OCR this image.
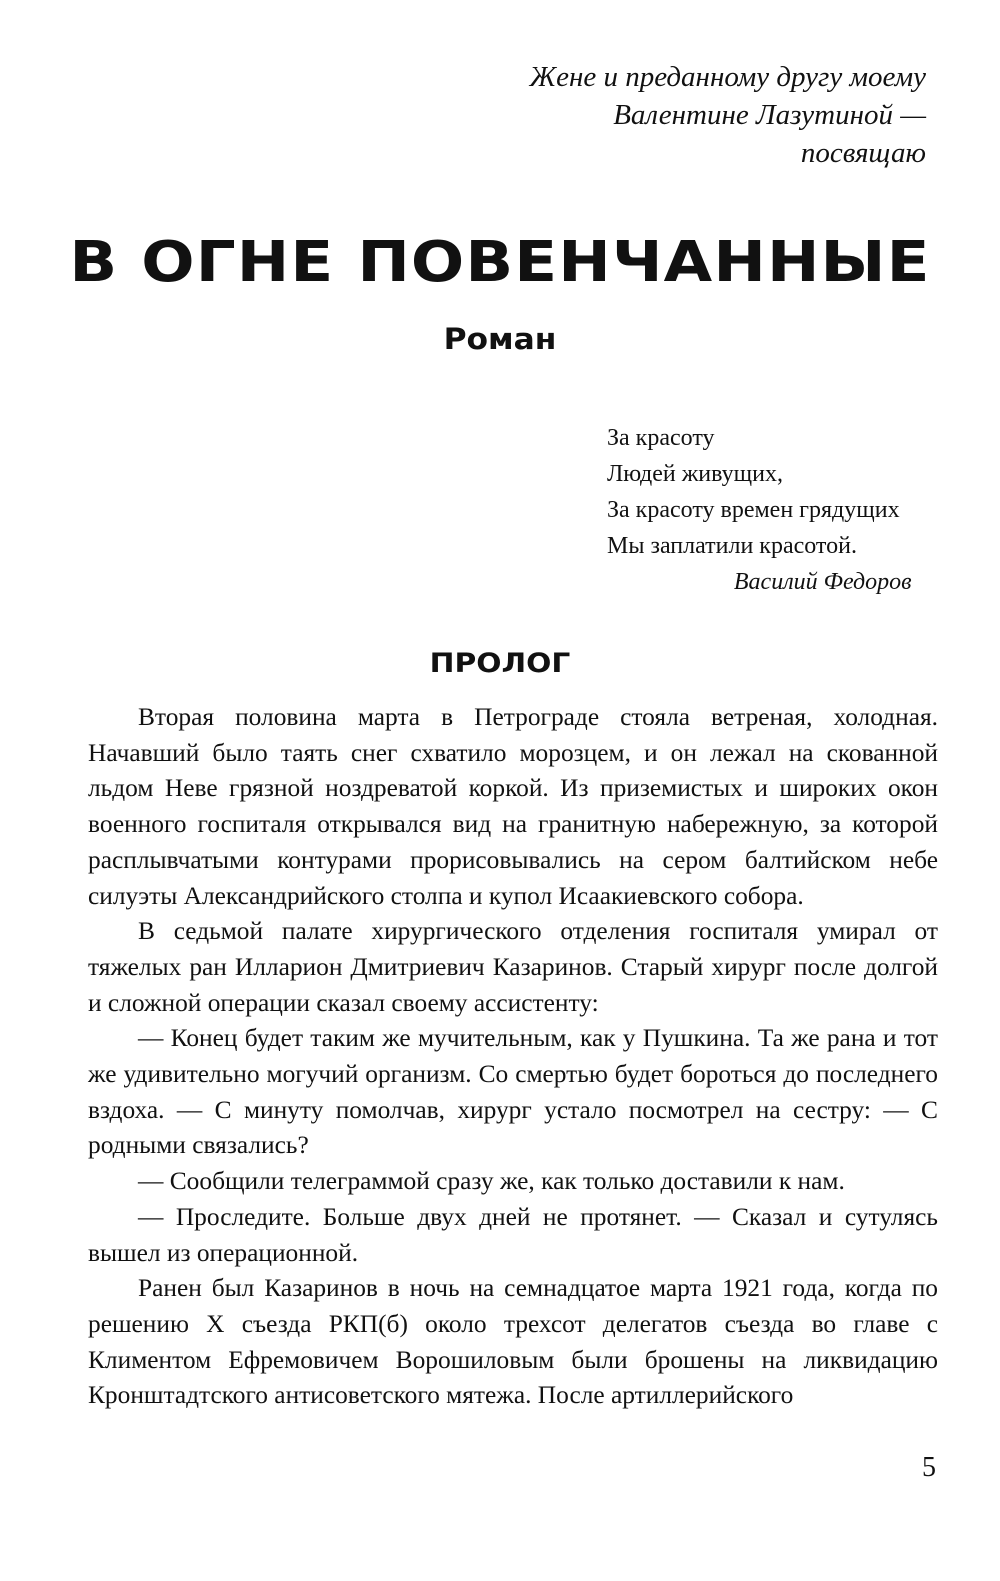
Жене и преданному другу моему
Валентине Лазутиной —
посвящаю
В ОГНЕ ПОВЕНЧАННЫЕ
Роман
За красоту
Людей живущих,
За красоту времен грядущих
Мы заплатили красотой.
Василий Федоров
ПРОЛОГ

Вторая половина марта в Петрограде стояла ветреная, холодная. Начавший было таять снег схватило морозцем, и он лежал на скованной льдом Неве грязной ноздреватой коркой. Из приземистых и широких окон военного госпиталя открывался вид на гранитную набережную, за которой расплывчатыми контурами прорисовывались на сером балтийском небе силуэты Александрийского столпа и купол Исаакиевского собора.

В седьмой палате хирургического отделения госпиталя умирал от тяжелых ран Илларион Дмитриевич Казаринов. Старый хирург после долгой и сложной операции сказал своему ассистенту:

— Конец будет таким же мучительным, как у Пушкина. Та же рана и тот же удивительно могучий организм. Со смертью будет бороться до последнего вздоха. — С минуту помолчав, хирург устало посмотрел на сестру: — С родными связались?

— Сообщили телеграммой сразу же, как только доставили к нам.

— Проследите. Больше двух дней не протянет. — Сказал и сутулясь вышел из операционной.

Ранен был Казаринов в ночь на семнадцатое марта 1921 года, когда по решению X съезда РКП(б) около трехсот делегатов съезда во главе с Климентом Ефремовичем Ворошиловым были брошены на ликвидацию Кронштадтского антисоветского мятежа. После артиллерийского

5
